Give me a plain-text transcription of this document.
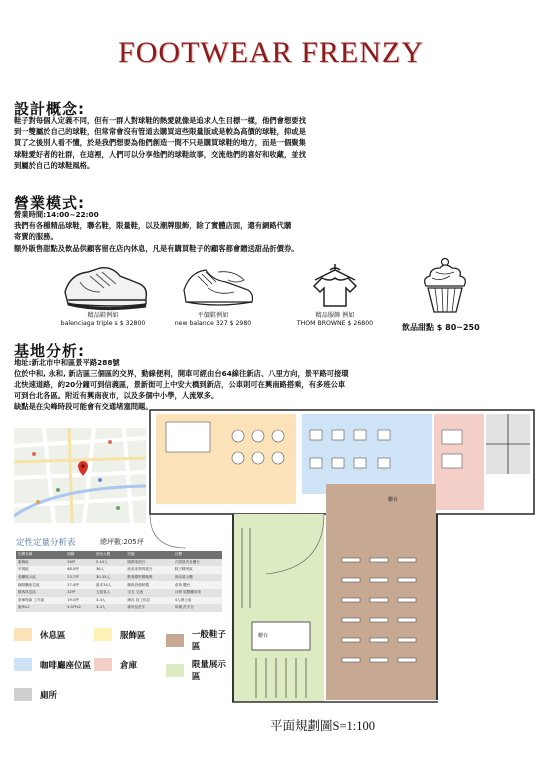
FOOTWEAR FRENZY
設計概念:
鞋子對每個人定義不同，但有一群人對球鞋的熱愛就像是追求人生目標一樣，他們會想要找
到一雙屬於自己的球鞋，但常常會沒有管道去購買這些限量版或是較為高價的球鞋，抑或是
買了之後別人看不懂，於是我們想要為他們創造一間不只是購買球鞋的地方，而是一個聚集
球鞋愛好者的社群，在這裡，人們可以分享他們的球鞋故事，交流他們的喜好和收藏，並找
到屬於自己的球鞋風格。
營業模式:
營業時間:14:00~22:00
我們有各種精品球鞋，聯名鞋，限量鞋，以及潮牌服飾，除了實體店面，還有網路代購
寄賣的服務。
額外販售甜點及飲品供顧客留在店內休息，凡是有購買鞋子的顧客都會贈送甜品折價券。
精品鞋例如
balenciaga triple s $ 32800
平價鞋例如
new balance 327 $ 2980
精品服飾 例如
THOM BROWNE $ 26800	飲品甜點 $ 80~250
基地分析:
地址:新北市中和區景平路288號
位於中和, 永和, 新店區三個區的交界，動線便利，開車可經由台64線往新店、八里方向，景平路可接環
北快速道路，約20分鐘可到信義區，景新街可上中安大橋到新店，公車則可在興南路搭乘，有多班公車
可到台北各區。附近有興南夜市，以及多個中小學，人流眾多。
缺點是在尖峰時段可能會有交通堵塞問題。
定性定量分析表	總坪數:205坪
空間名稱	面積	使用人數	設備	目標
服飾區	26坪	5-10人	服飾架展台	衣服展列及櫃台
甲餐區	68.5坪	36人	座桌床墊椅展台	鞋子陳列區
餐廳展示區	23.7坪	30-35人	點餐臺吧檯咖啡	商品展示櫃
咖啡廳座位區	27.4坪	最多34人	咖啡設備吧檯	桌椅 櫃台
顧客休息區	32坪	五組客人	交友 交流	沙發 展覽櫃桌椅
倉庫物資 工作區	19.5坪	3-4人	庫存 員工休息	4人辦公桌
廁所x2	4.5坪x2	3-4人	廁所及洗手	馬桶,洗手台
休息區	服飾區	一般鞋子區
咖啡廳座位區	倉庫	限量展示區
廁所
櫃台
櫃台
平面規劃圖S=1:100
